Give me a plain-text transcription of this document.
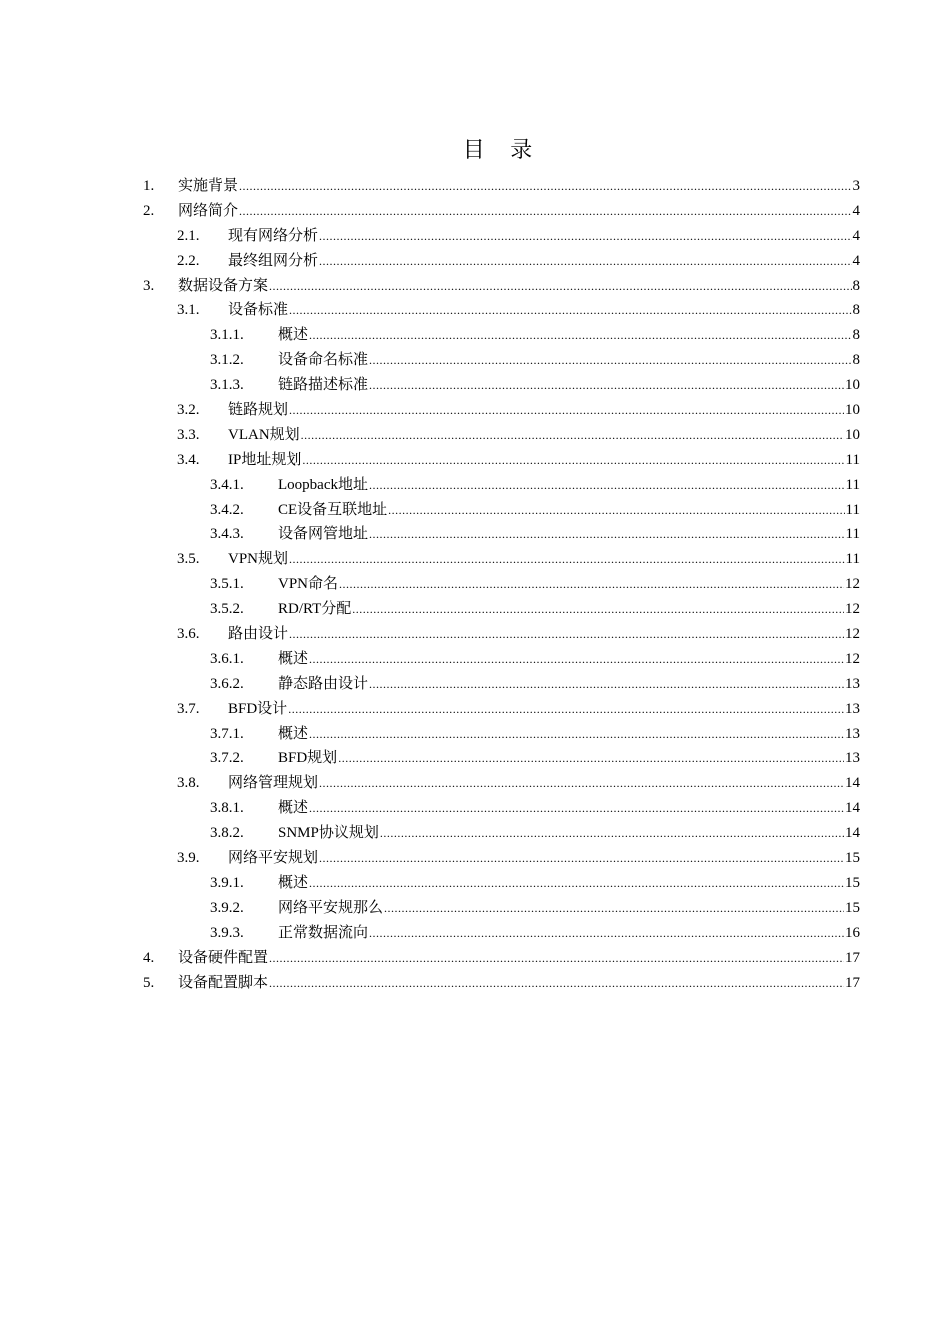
目 录
1.	实施背景 .....	3
2.	网络简介 .....	4
2.1.	现有网络分析 .....	4
2.2.	最终组网分析 .....	4
3.	数据设备方案 .....	8
3.1.	设备标准 .....	8
3.1.1.	概述 .....	8
3.1.2.	设备命名标准 .....	8
3.1.3.	链路描述标准 .....	10
3.2.	链路规划 .....	10
3.3.	VLAN规划 .....	10
3.4.	IP地址规划 .....	11
3.4.1.	Loopback地址 .....	11
3.4.2.	CE设备互联地址 .....	11
3.4.3.	设备网管地址 .....	11
3.5.	VPN规划 .....	11
3.5.1.	VPN命名 .....	12
3.5.2.	RD/RT分配 .....	12
3.6.	路由设计 .....	12
3.6.1.	概述 .....	12
3.6.2.	静态路由设计 .....	13
3.7.	BFD设计 .....	13
3.7.1.	概述 .....	13
3.7.2.	BFD规划 .....	13
3.8.	网络管理规划 .....	14
3.8.1.	概述 .....	14
3.8.2.	SNMP协议规划 .....	14
3.9.	网络平安规划 .....	15
3.9.1.	概述 .....	15
3.9.2.	网络平安规那么 .....	15
3.9.3.	正常数据流向 .....	16
4.	设备硬件配置 .....	17
5.	设备配置脚本 .....	17
